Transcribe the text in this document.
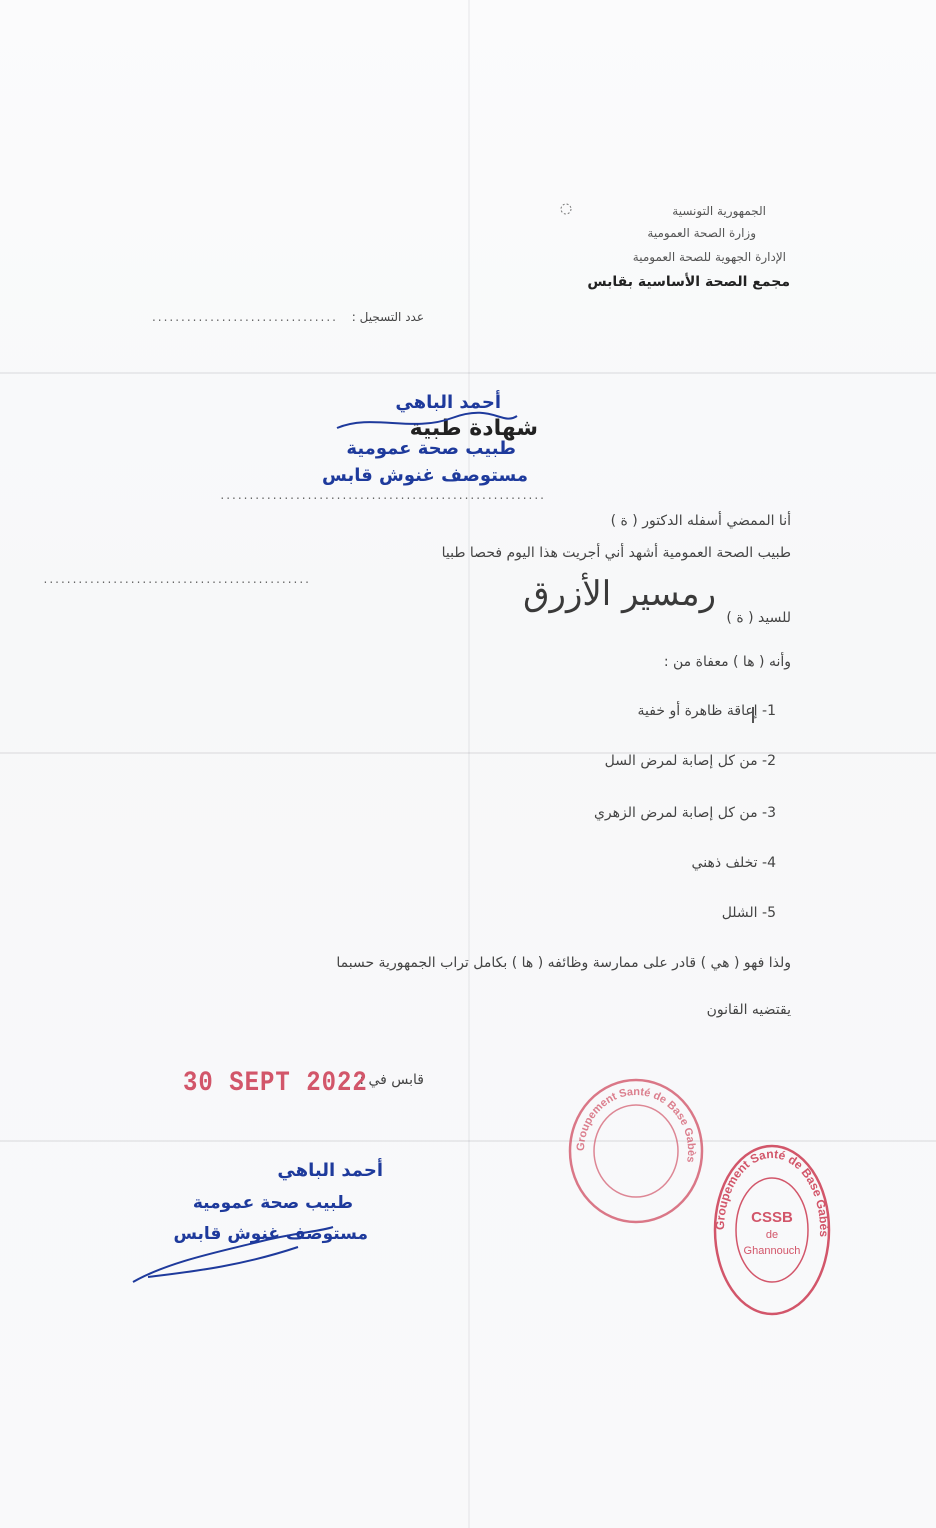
الجمهورية التونسية
وزارة الصحة العمومية
الإدارة الجهوية للصحة العمومية
مجمع الصحة الأساسية بقابس
عدد التسجيل :
................................
شهادة طبية
أحمد الباهي
طبيب صحة عمومية
مستوصف غنوش قابس
........................................................
أنا الممضي أسفله الدكتور ( ة )
طبيب الصحة العمومية أشهد أني أجريت هذا اليوم فحصا طبيا
..............................................
للسيد ( ة )
رمسير الأزرق
وأنه ( ها ) معفاة من :
1- إعاقة ظاهرة أو خفية
2- من كل إصابة لمرض السل
3- من كل إصابة لمرض الزهري
4- تخلف ذهني
5- الشلل
ولذا فهو ( هي ) قادر على ممارسة وظائفه ( ها ) بكامل تراب الجمهورية حسبما
يقتضيه القانون
قابس في :
30 SEPT 2022
أحمد الباهي
طبيب صحة عمومية
مستوصف غنوش قابس
Groupement Santé de Base Gabès
Groupement Santé de Base Gabès
CSSB
de
Ghannouch
